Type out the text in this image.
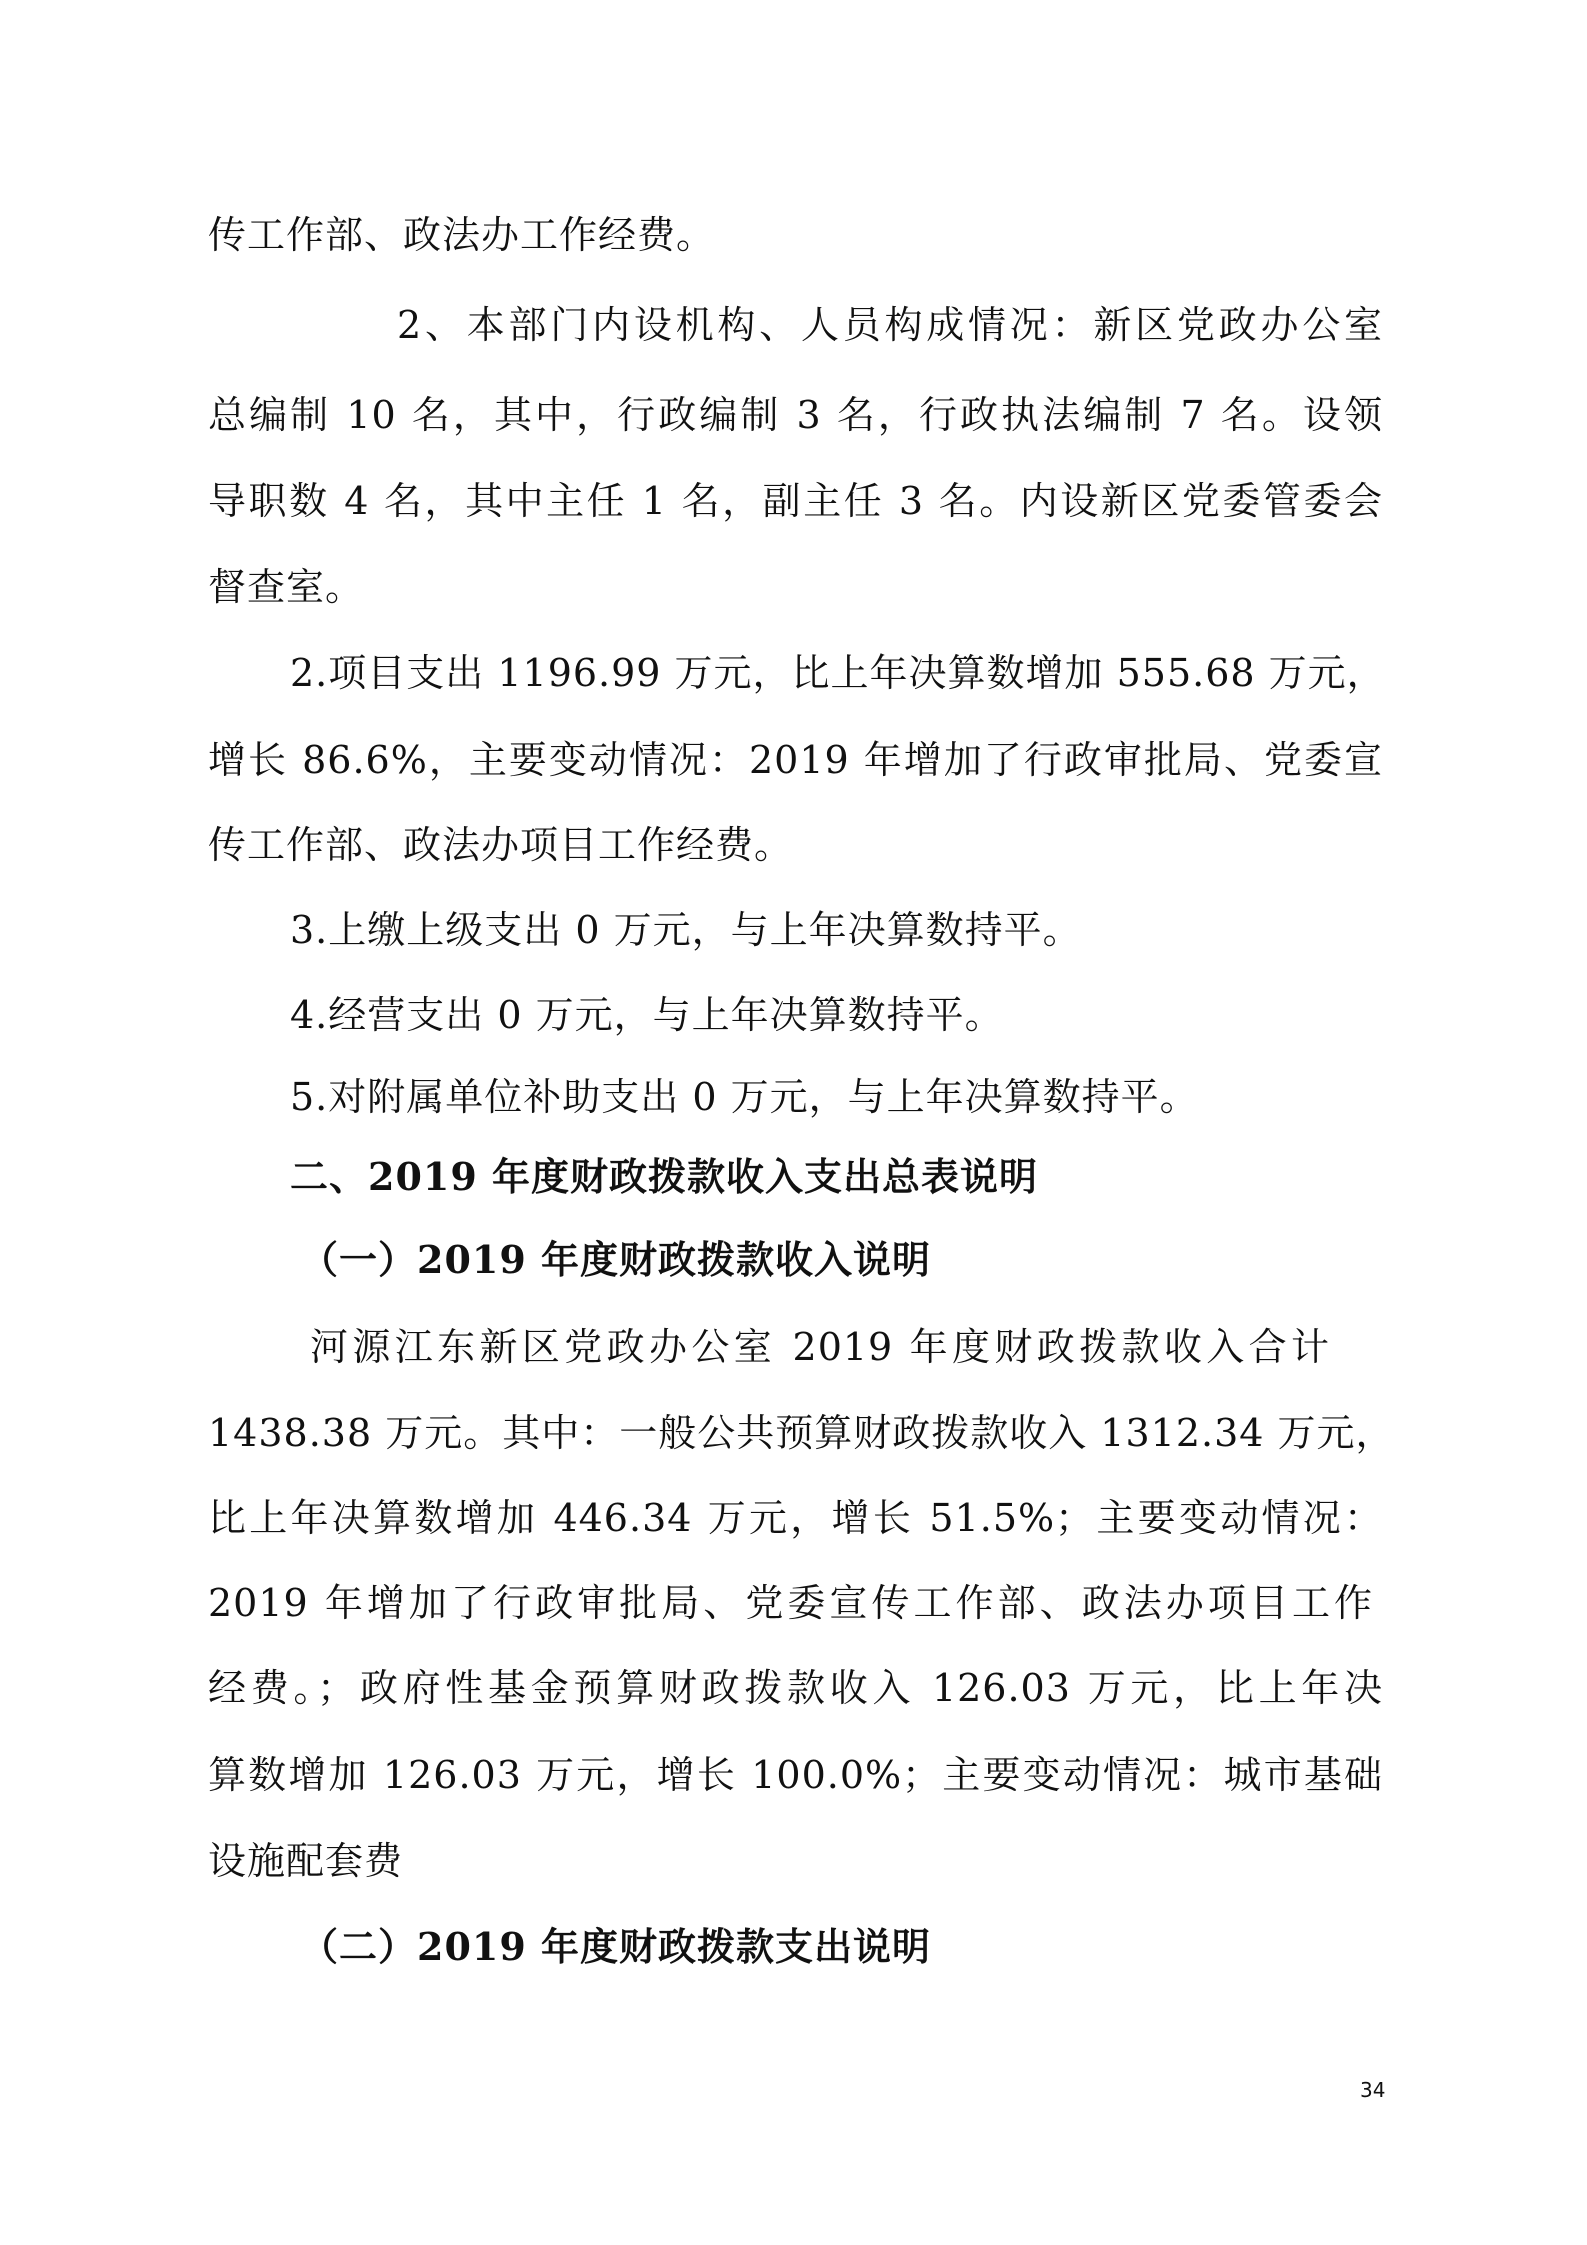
传工作部、政法办工作经费。
2、本部门内设机构、人员构成情况：新区党政办公室
总编制 10 名，其中，行政编制 3 名，行政执法编制 7 名。设领
导职数 4 名，其中主任 1 名，副主任 3 名。内设新区党委管委会
督查室。
2.项目支出 1196.99 万元，比上年决算数增加 555.68 万元，
增长 86.6%，主要变动情况：2019 年增加了行政审批局、党委宣
传工作部、政法办项目工作经费。
3.上缴上级支出 0 万元，与上年决算数持平。
4.经营支出 0 万元，与上年决算数持平。
5.对附属单位补助支出 0 万元，与上年决算数持平。
二、2019 年度财政拨款收入支出总表说明
（一）2019 年度财政拨款收入说明
河源江东新区党政办公室 2019 年度财政拨款收入合计
1438.38 万元。其中：一般公共预算财政拨款收入 1312.34 万元，
比上年决算数增加 446.34 万元，增长 51.5%；主要变动情况：
2019 年增加了行政审批局、党委宣传工作部、政法办项目工作
经费。；政府性基金预算财政拨款收入 126.03 万元，比上年决
算数增加 126.03 万元，增长 100.0%；主要变动情况：城市基础
设施配套费
（二）2019 年度财政拨款支出说明
34
